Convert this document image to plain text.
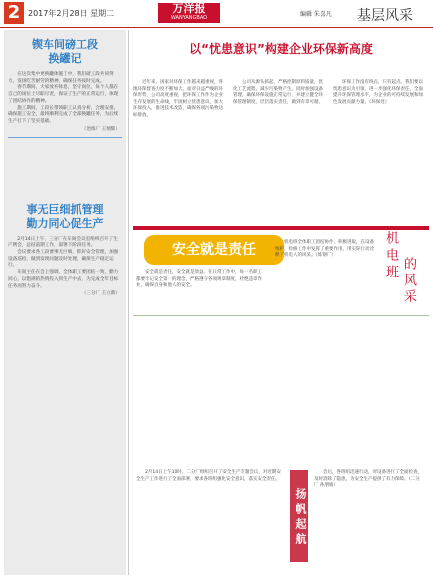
2 2017年2月28日 星期二	万洋报
WANYANGBAO	编辑 朱喜凡 基层风采
锲车间磅工段
换罐记

在这次集中更换罐体施工中，我们磅工段共同努力，发扬吃苦耐劳的精神，确保任务按时完成。

春节期间，大家放弃休息，坚守岗位，每个人都在自己的岗位上尽职尽责，保证了生产的正常运行，体现了团结协作的精神。

施工期间，工段长带领职工认真分析，合理安排，确保施工安全，最终顺利完成了全部换罐任务，为后续生产打下了坚实基础。

（冶炼厂 王炳辉）
事无巨细抓管理
勤力同心促生产

2月14日上午，三分厂在车间会议室组织召开了生产例会，总结前期工作，部署下阶段任务。

会议要求各工段要事无巨细，抓好安全管理，加强设备巡检，做到发现问题及时处理，确保生产稳定运行。

车间主任在会上强调，全体职工要团结一致，勤力同心，以饱满的热情投入到生产中去，为完成全年目标任务而努力奋斗。

（三分厂 王立新）
以“忧患意识”构建企业环保新高度

近年来，国家对环保工作越来越重视，各地环保督查力度不断加大。面对日益严峻的环保形势，公司高度重视，把环保工作作为企业生存发展的生命线，牢固树立忧患意识，加大环保投入，推进技术改造，确保各项污染物达标排放。

公司从源头抓起，严格控制原料质量，优化工艺流程，减少污染物产生。同时加强设备管理，确保环保设施正常运行，并建立健全环保管理制度，层层落实责任，做到有章可循。

环保工作没有终点，只有起点。我们要以忧患意识为引领，进一步强化环保责任，全面提升环保管理水平，为企业的可持续发展和绿色发展贡献力量。（环保处）

安全就是责任	机电班 的风采

安全就是责任，安全就是效益。在日常工作中，每一名职工都要牢记安全第一的理念，严格遵守各项规章制度，杜绝违章作业，确保自身和他人的安全。

机电班全体职工团结协作，积极进取，在设备维护、检修工作中发挥了重要作用，用实际行动诠释了机电人的风采。（炼钢厂）

2月14日上午10时，二分厂组织召开了安全生产专题会议，对近期安全生产工作进行了全面部署，要求各班组强化安全意识，落实安全责任。

扬帆起航

会后，各班组迅速行动，对设备进行了全面检查，及时消除了隐患，为安全生产提供了有力保障。（二分厂 孙朋娟）
